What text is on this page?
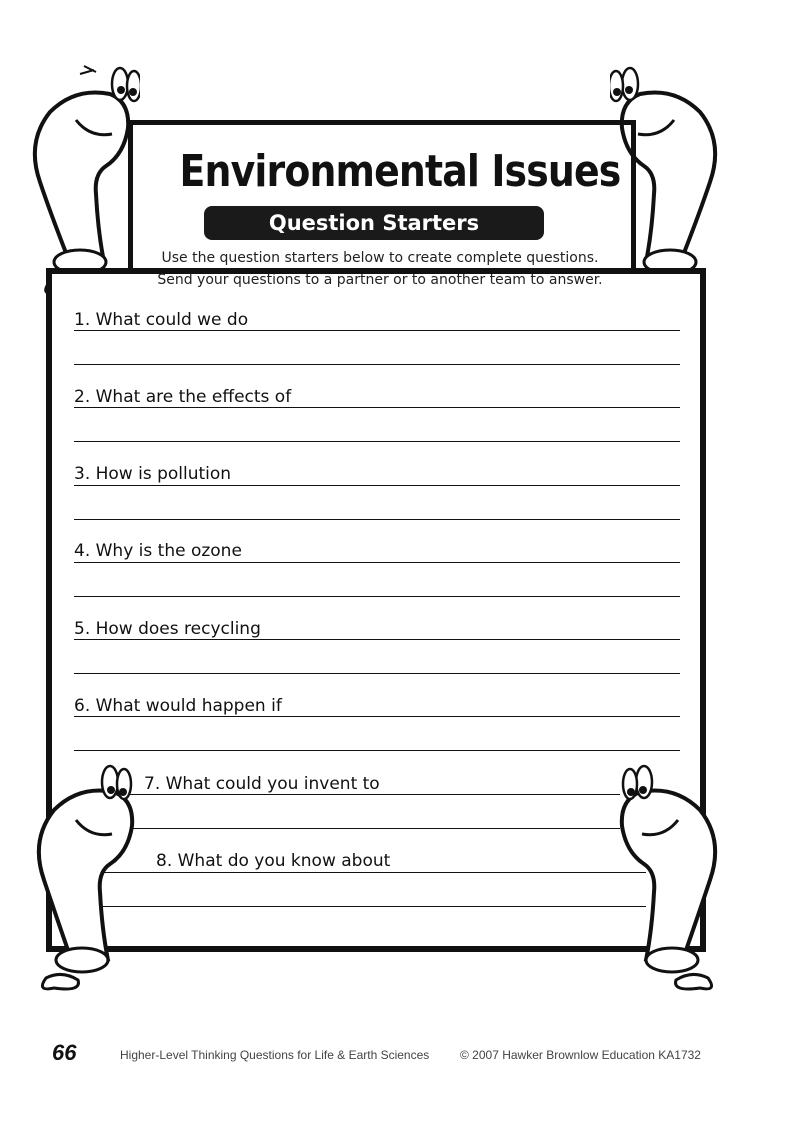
Environmental Issues
Question Starters

Use the question starters below to create complete questions.

Send your questions to a partner or to another team to answer.

1. What could we do
2. What are the effects of
3. How is pollution
4. Why is the ozone
5. How does recycling
6. What would happen if
7. What could you invent to
8. What do you know about
66	Higher-Level Thinking Questions for Life & Earth Sciences	© 2007 Hawker Brownlow Education KA1732
